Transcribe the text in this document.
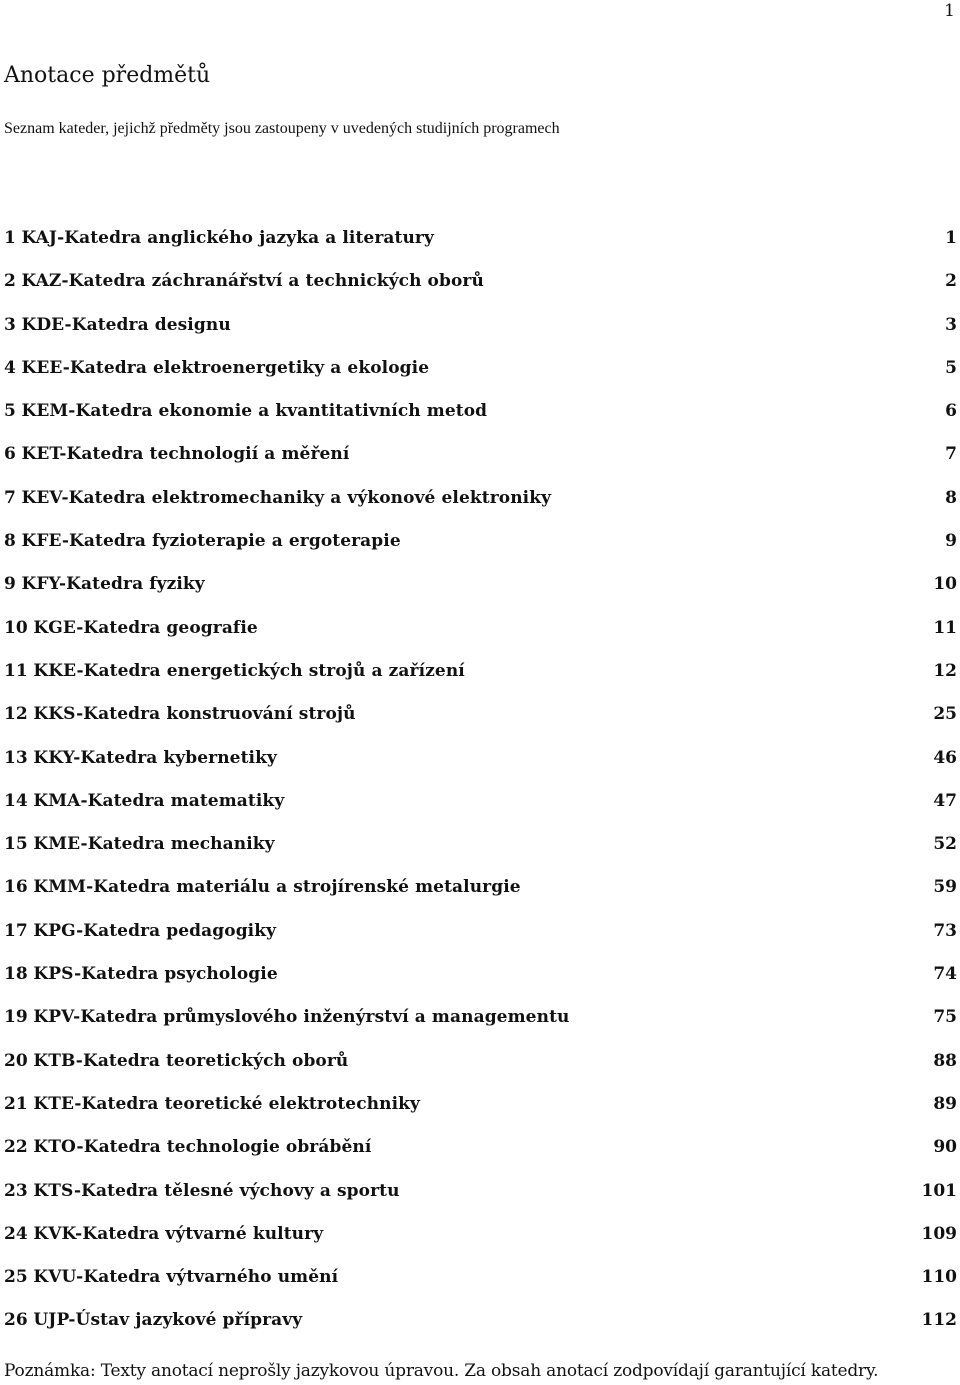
1
Anotace předmětů

Seznam kateder, jejichž předměty jsou zastoupeny v uvedených studijních programech

1 KAJ-Katedra anglického jazyka a literatury	1
2 KAZ-Katedra záchranářství a technických oborů	2
3 KDE-Katedra designu	3
4 KEE-Katedra elektroenergetiky a ekologie	5
5 KEM-Katedra ekonomie a kvantitativních metod	6
6 KET-Katedra technologií a měření	7
7 KEV-Katedra elektromechaniky a výkonové elektroniky	8
8 KFE-Katedra fyzioterapie a ergoterapie	9
9 KFY-Katedra fyziky	10
10 KGE-Katedra geografie	11
11 KKE-Katedra energetických strojů a zařízení	12
12 KKS-Katedra konstruování strojů	25
13 KKY-Katedra kybernetiky	46
14 KMA-Katedra matematiky	47
15 KME-Katedra mechaniky	52
16 KMM-Katedra materiálu a strojírenské metalurgie	59
17 KPG-Katedra pedagogiky	73
18 KPS-Katedra psychologie	74
19 KPV-Katedra průmyslového inženýrství a managementu	75
20 KTB-Katedra teoretických oborů	88
21 KTE-Katedra teoretické elektrotechniky	89
22 KTO-Katedra technologie obrábění	90
23 KTS-Katedra tělesné výchovy a sportu	101
24 KVK-Katedra výtvarné kultury	109
25 KVU-Katedra výtvarného umění	110
26 UJP-Ústav jazykové přípravy	112
Poznámka: Texty anotací neprošly jazykovou úpravou. Za obsah anotací zodpovídají garantující katedry.
